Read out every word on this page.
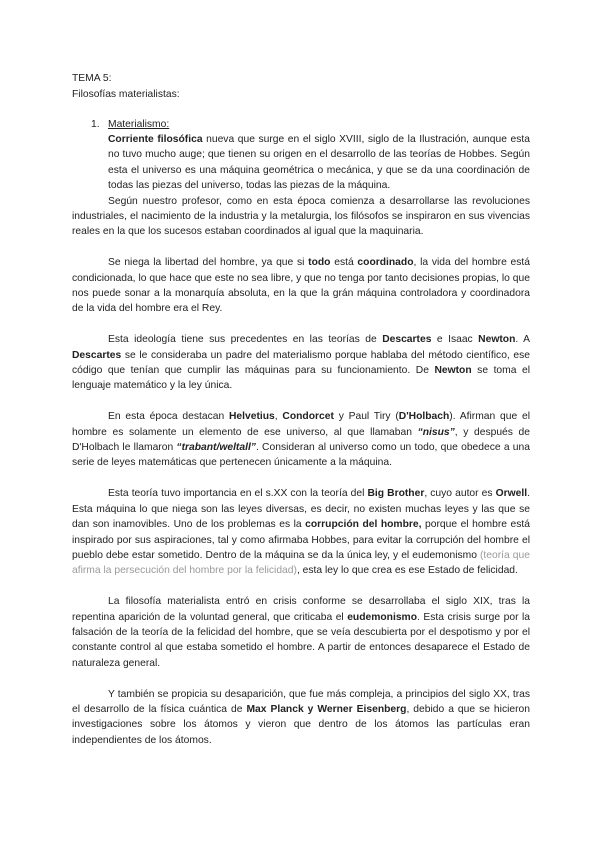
TEMA 5:
Filosofías materialistas:
1. Materialismo:

Corriente filosófica nueva que surge en el siglo XVIII, siglo de la Ilustración, aunque esta no tuvo mucho auge; que tienen su origen en el desarrollo de las teorías de Hobbes. Según esta el universo es una máquina geométrica o mecánica, y que se da una coordinación de todas las piezas del universo, todas las piezas de la máquina.

Según nuestro profesor, como en esta época comienza a desarrollarse las revoluciones industriales, el nacimiento de la industria y la metalurgia, los filósofos se inspiraron en sus vivencias reales en la que los sucesos estaban coordinados al igual que la maquinaria.

Se niega la libertad del hombre, ya que si todo está coordinado, la vida del hombre está condicionada, lo que hace que este no sea libre, y que no tenga por tanto decisiones propias, lo que nos puede sonar a la monarquía absoluta, en la que la grán máquina controladora y coordinadora de la vida del hombre era el Rey.

Esta ideología tiene sus precedentes en las teorías de Descartes e Isaac Newton. A Descartes se le consideraba un padre del materialismo porque hablaba del método científico, ese código que tenían que cumplir las máquinas para su funcionamiento. De Newton se toma el lenguaje matemático y la ley única.

En esta época destacan Helvetius, Condorcet y Paul Tiry (D'Holbach). Afirman que el hombre es solamente un elemento de ese universo, al que llamaban “nisus”, y después de D'Holbach le llamaron “trabant/weltall”. Consideran al universo como un todo, que obedece a una serie de leyes matemáticas que pertenecen únicamente a la máquina.

Esta teoría tuvo importancia en el s.XX con la teoría del Big Brother, cuyo autor es Orwell. Esta máquina lo que niega son las leyes diversas, es decir, no existen muchas leyes y las que se dan son inamovibles. Uno de los problemas es la corrupción del hombre, porque el hombre está inspirado por sus aspiraciones, tal y como afirmaba Hobbes, para evitar la corrupción del hombre el pueblo debe estar sometido. Dentro de la máquina se da la única ley, y el eudemonismo (teoría que afirma la persecución del hombre por la felicidad), esta ley lo que crea es ese Estado de felicidad.

La filosofía materialista entró en crisis conforme se desarrollaba el siglo XIX, tras la repentina aparición de la voluntad general, que criticaba el eudemonismo. Esta crisis surge por la falsación de la teoría de la felicidad del hombre, que se veía descubierta por el despotismo y por el constante control al que estaba sometido el hombre. A partir de entonces desaparece el Estado de naturaleza general.

Y también se propicia su desaparición, que fue más compleja, a principios del siglo XX, tras el desarrollo de la física cuántica de Max Planck y Werner Eisenberg, debido a que se hicieron investigaciones sobre los átomos y vieron que dentro de los átomos las partículas eran independientes de los átomos.
